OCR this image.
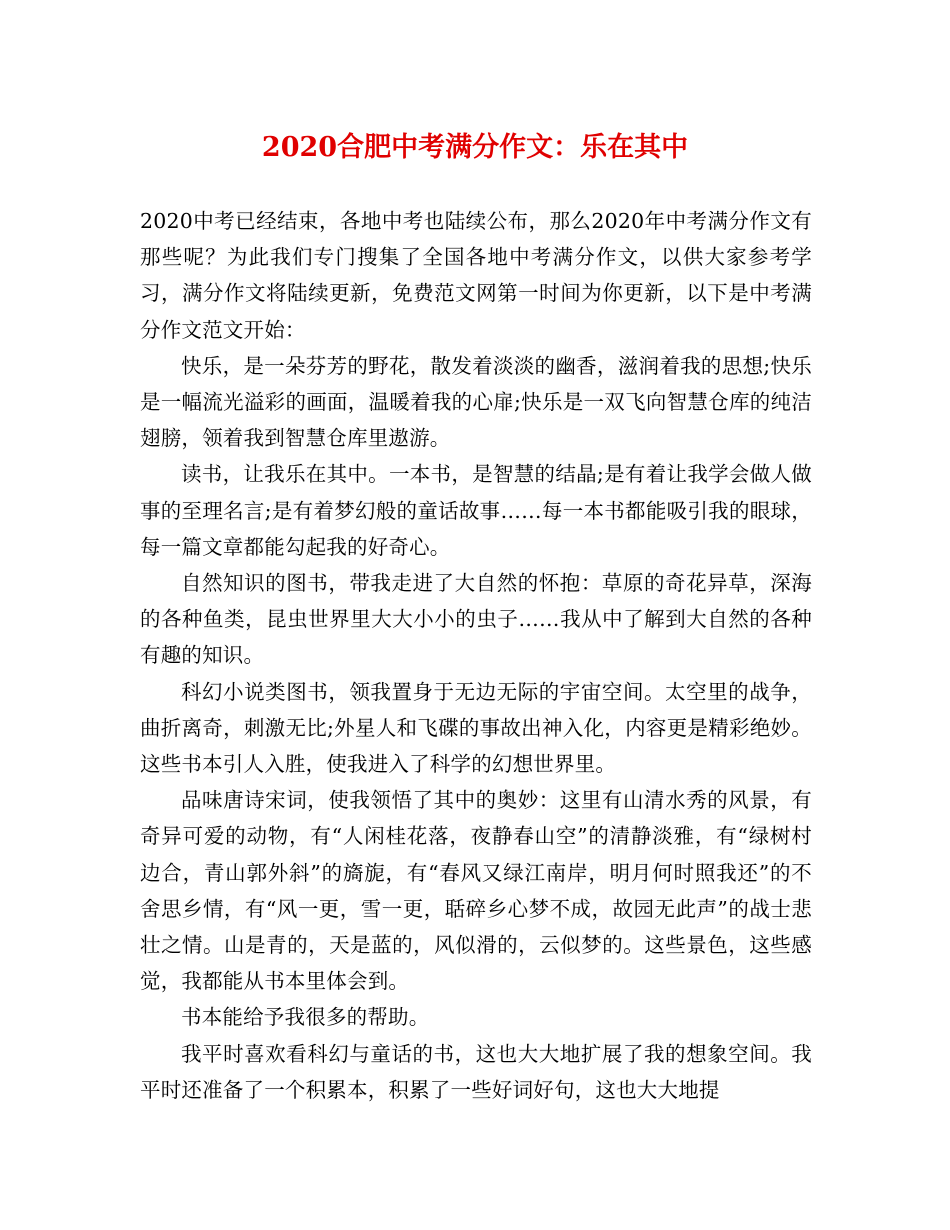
2020合肥中考满分作文：乐在其中

2020中考已经结束，各地中考也陆续公布，那么2020年中考满分作文有那些呢？为此我们专门搜集了全国各地中考满分作文，以供大家参考学习，满分作文将陆续更新，免费范文网第一时间为你更新，以下是中考满分作文范文开始：

快乐，是一朵芬芳的野花，散发着淡淡的幽香，滋润着我的思想;快乐是一幅流光溢彩的画面，温暖着我的心扉;快乐是一双飞向智慧仓库的纯洁翅膀，领着我到智慧仓库里遨游。

读书，让我乐在其中。一本书，是智慧的结晶;是有着让我学会做人做事的至理名言;是有着梦幻般的童话故事……每一本书都能吸引我的眼球，每一篇文章都能勾起我的好奇心。

自然知识的图书，带我走进了大自然的怀抱：草原的奇花异草，深海的各种鱼类，昆虫世界里大大小小的虫子……我从中了解到大自然的各种有趣的知识。

科幻小说类图书，领我置身于无边无际的宇宙空间。太空里的战争，曲折离奇，刺激无比;外星人和飞碟的事故出神入化，内容更是精彩绝妙。这些书本引人入胜，使我进入了科学的幻想世界里。

品味唐诗宋词，使我领悟了其中的奥妙：这里有山清水秀的风景，有奇异可爱的动物，有“人闲桂花落，夜静春山空”的清静淡雅，有“绿树村边合，青山郭外斜”的旖旎，有“春风又绿江南岸，明月何时照我还”的不舍思乡情，有“风一更，雪一更，聒碎乡心梦不成，故园无此声”的战士悲壮之情。山是青的，天是蓝的，风似滑的，云似梦的。这些景色，这些感觉，我都能从书本里体会到。

书本能给予我很多的帮助。

我平时喜欢看科幻与童话的书，这也大大地扩展了我的想象空间。我平时还准备了一个积累本，积累了一些好词好句，这也大大地提
